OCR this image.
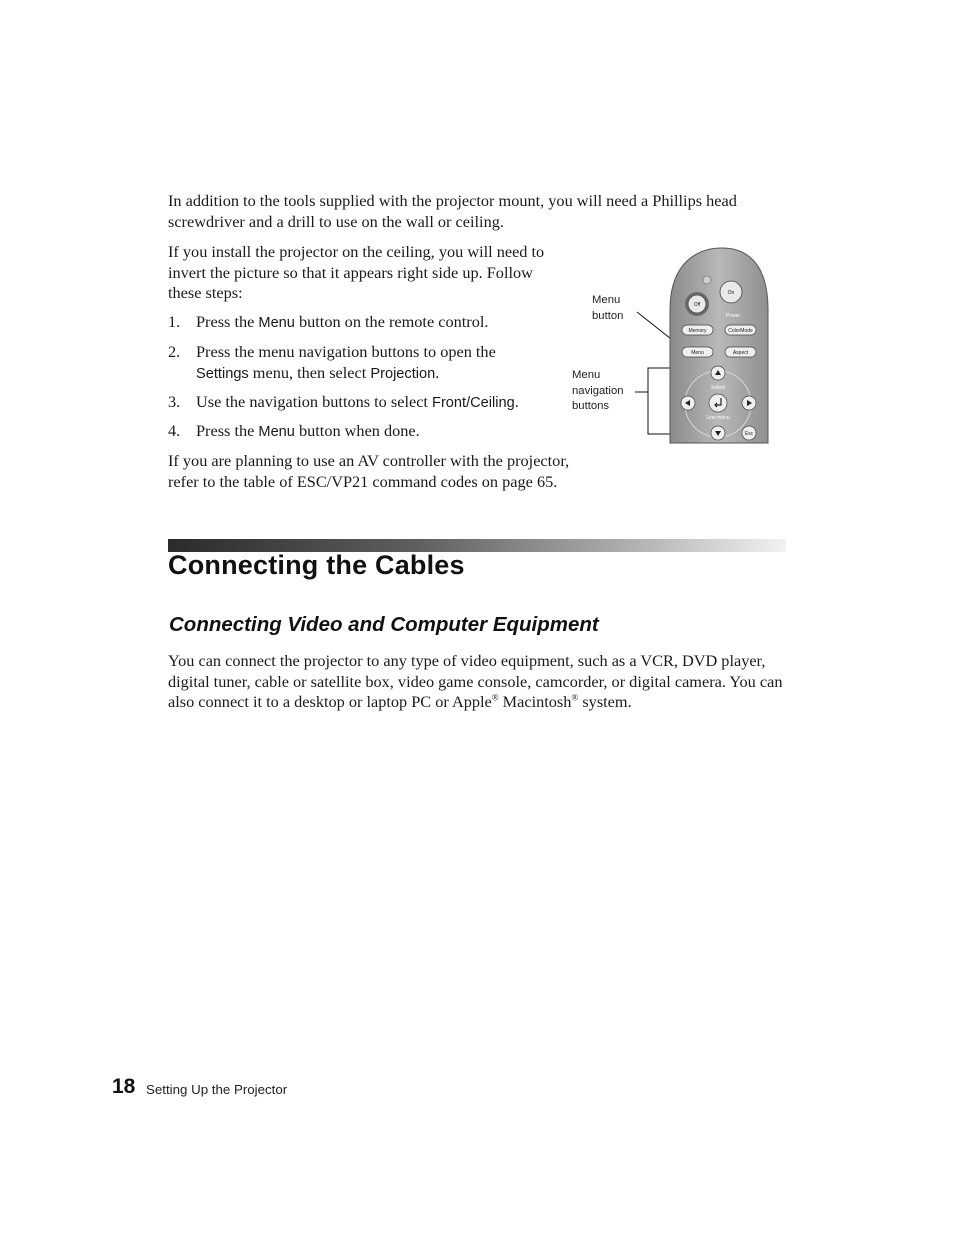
In addition to the tools supplied with the projector mount, you will need a Phillips head screwdriver and a drill to use on the wall or ceiling.

If you install the projector on the ceiling, you will need to invert the picture so that it appears right side up. Follow these steps:

1. Press the Menu button on the remote control.
2. Press the menu navigation buttons to open the Settings menu, then select Projection.
3. Use the navigation buttons to select Front/Ceiling.
4. Press the Menu button when done.

If you are planning to use an AV controller with the projector, refer to the table of ESC/VP21 command codes on page 65.

Menu
button
Menu
navigation
buttons
Off
On
Power
Memory	ColorMode
Menu	Aspect
Select
Line menu
Esc
Connecting the Cables
Connecting Video and Computer Equipment

You can connect the projector to any type of video equipment, such as a VCR, DVD player, digital tuner, cable or satellite box, video game console, camcorder, or digital camera. You can also connect it to a desktop or laptop PC or Apple® Macintosh® system.

18 Setting Up the Projector
